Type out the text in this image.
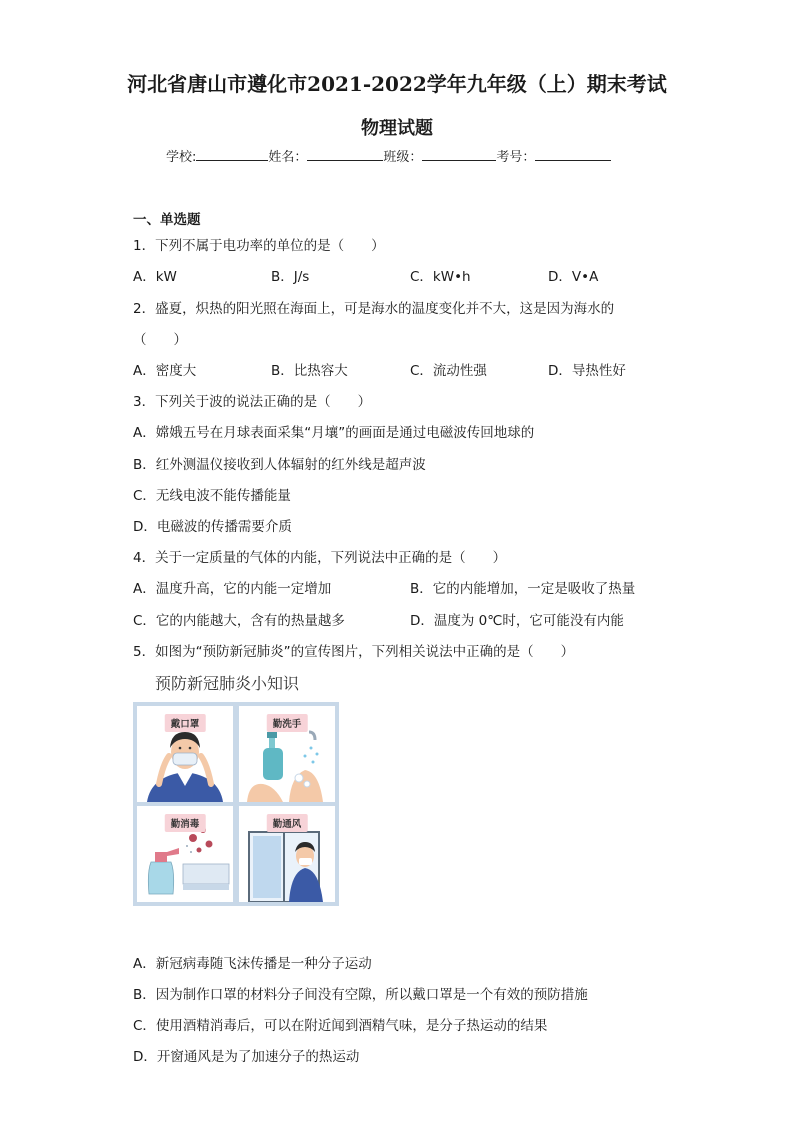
河北省唐山市遵化市2021-2022学年九年级（上）期末考试
物理试题
学校:	姓名：	班级：	考号：
一、单选题
1．下列不属于电功率的单位的是（　　）
A．kW	B．J/s	C．kW•h	D．V•A
2．盛夏，炽热的阳光照在海面上，可是海水的温度变化并不大，这是因为海水的
（　　）
A．密度大	B．比热容大	C．流动性强	D．导热性好
3．下列关于波的说法正确的是（　　）
A．嫦娥五号在月球表面采集“月壤”的画面是通过电磁波传回地球的
B．红外测温仪接收到人体辐射的红外线是超声波
C．无线电波不能传播能量
D．电磁波的传播需要介质
4．关于一定质量的气体的内能，下列说法中正确的是（　　）
A．温度升高，它的内能一定增加	B．它的内能增加，一定是吸收了热量
C．它的内能越大，含有的热量越多	D．温度为 0℃时，它可能没有内能
5．如图为“预防新冠肺炎”的宣传图片，下列相关说法中正确的是（　　）
预防新冠肺炎小知识
戴口罩	勤洗手
勤消毒	勤通风
A．新冠病毒随飞沫传播是一种分子运动
B．因为制作口罩的材料分子间没有空隙，所以戴口罩是一个有效的预防措施
C．使用酒精消毒后，可以在附近闻到酒精气味，是分子热运动的结果
D．开窗通风是为了加速分子的热运动
